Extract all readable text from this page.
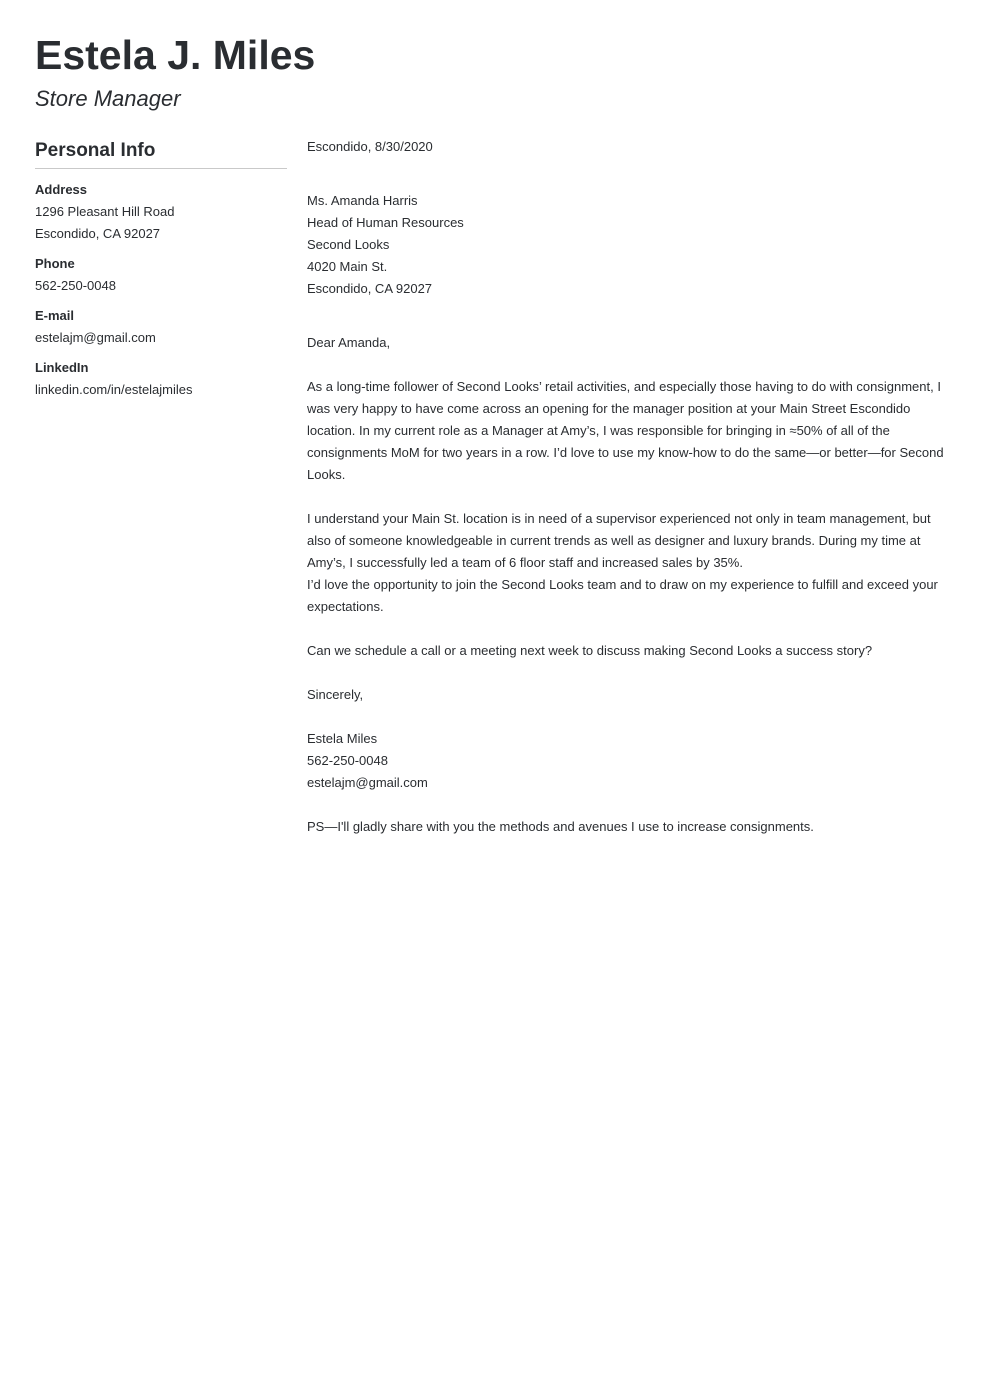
Estela J. Miles
Store Manager
Personal Info
Address
1296 Pleasant Hill Road
Escondido, CA 92027
Phone
562-250-0048
E-mail
estelajm@gmail.com
LinkedIn
linkedin.com/in/estelajmiles

Escondido, 8/30/2020

Ms. Amanda Harris

Head of Human Resources

Second Looks

4020 Main St.

Escondido, CA 92027

Dear Amanda,

As a long-time follower of Second Looks’ retail activities, and especially those having to do with consignment, I was very happy to have come across an opening for the manager position at your Main Street Escondido location. In my current role as a Manager at Amy’s, I was responsible for bringing in ≈50% of all of the consignments MoM for two years in a row. I’d love to use my know-how to do the same—or better—for Second Looks.

I understand your Main St. location is in need of a supervisor experienced not only in team management, but also of someone knowledgeable in current trends as well as designer and luxury brands. During my time at Amy’s, I successfully led a team of 6 floor staff and increased sales by 35%.

I’d love the opportunity to join the Second Looks team and to draw on my experience to fulfill and exceed your expectations.

Can we schedule a call or a meeting next week to discuss making Second Looks a success story?

Sincerely,

Estela Miles

562-250-0048

estelajm@gmail.com

PS—I'll gladly share with you the methods and avenues I use to increase consignments.
